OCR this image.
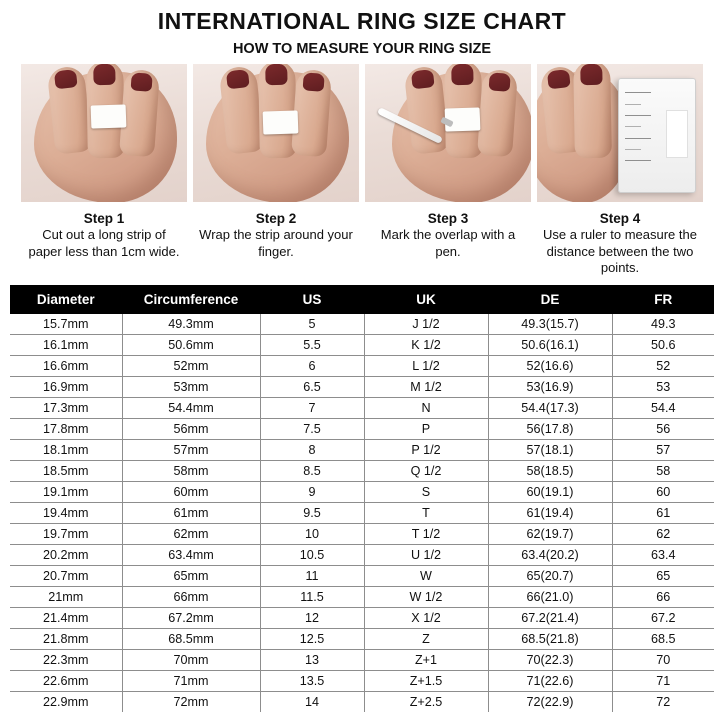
INTERNATIONAL RING SIZE CHART
HOW TO MEASURE YOUR RING SIZE
Step 1
Cut out a long strip of paper less than 1cm wide.
Step 2
Wrap the strip around your finger.
Step 3
Mark the overlap with a pen.
Step 4
Use a ruler to measure the distance between the two points.
Diameter	Circumference	US	UK	DE	FR
15.7mm	49.3mm	5	J 1/2	49.3(15.7)	49.3
16.1mm	50.6mm	5.5	K 1/2	50.6(16.1)	50.6
16.6mm	52mm	6	L 1/2	52(16.6)	52
16.9mm	53mm	6.5	M 1/2	53(16.9)	53
17.3mm	54.4mm	7	N	54.4(17.3)	54.4
17.8mm	56mm	7.5	P	56(17.8)	56
18.1mm	57mm	8	P 1/2	57(18.1)	57
18.5mm	58mm	8.5	Q 1/2	58(18.5)	58
19.1mm	60mm	9	S	60(19.1)	60
19.4mm	61mm	9.5	T	61(19.4)	61
19.7mm	62mm	10	T 1/2	62(19.7)	62
20.2mm	63.4mm	10.5	U 1/2	63.4(20.2)	63.4
20.7mm	65mm	11	W	65(20.7)	65
21mm	66mm	11.5	W 1/2	66(21.0)	66
21.4mm	67.2mm	12	X 1/2	67.2(21.4)	67.2
21.8mm	68.5mm	12.5	Z	68.5(21.8)	68.5
22.3mm	70mm	13	Z+1	70(22.3)	70
22.6mm	71mm	13.5	Z+1.5	71(22.6)	71
22.9mm	72mm	14	Z+2.5	72(22.9)	72
